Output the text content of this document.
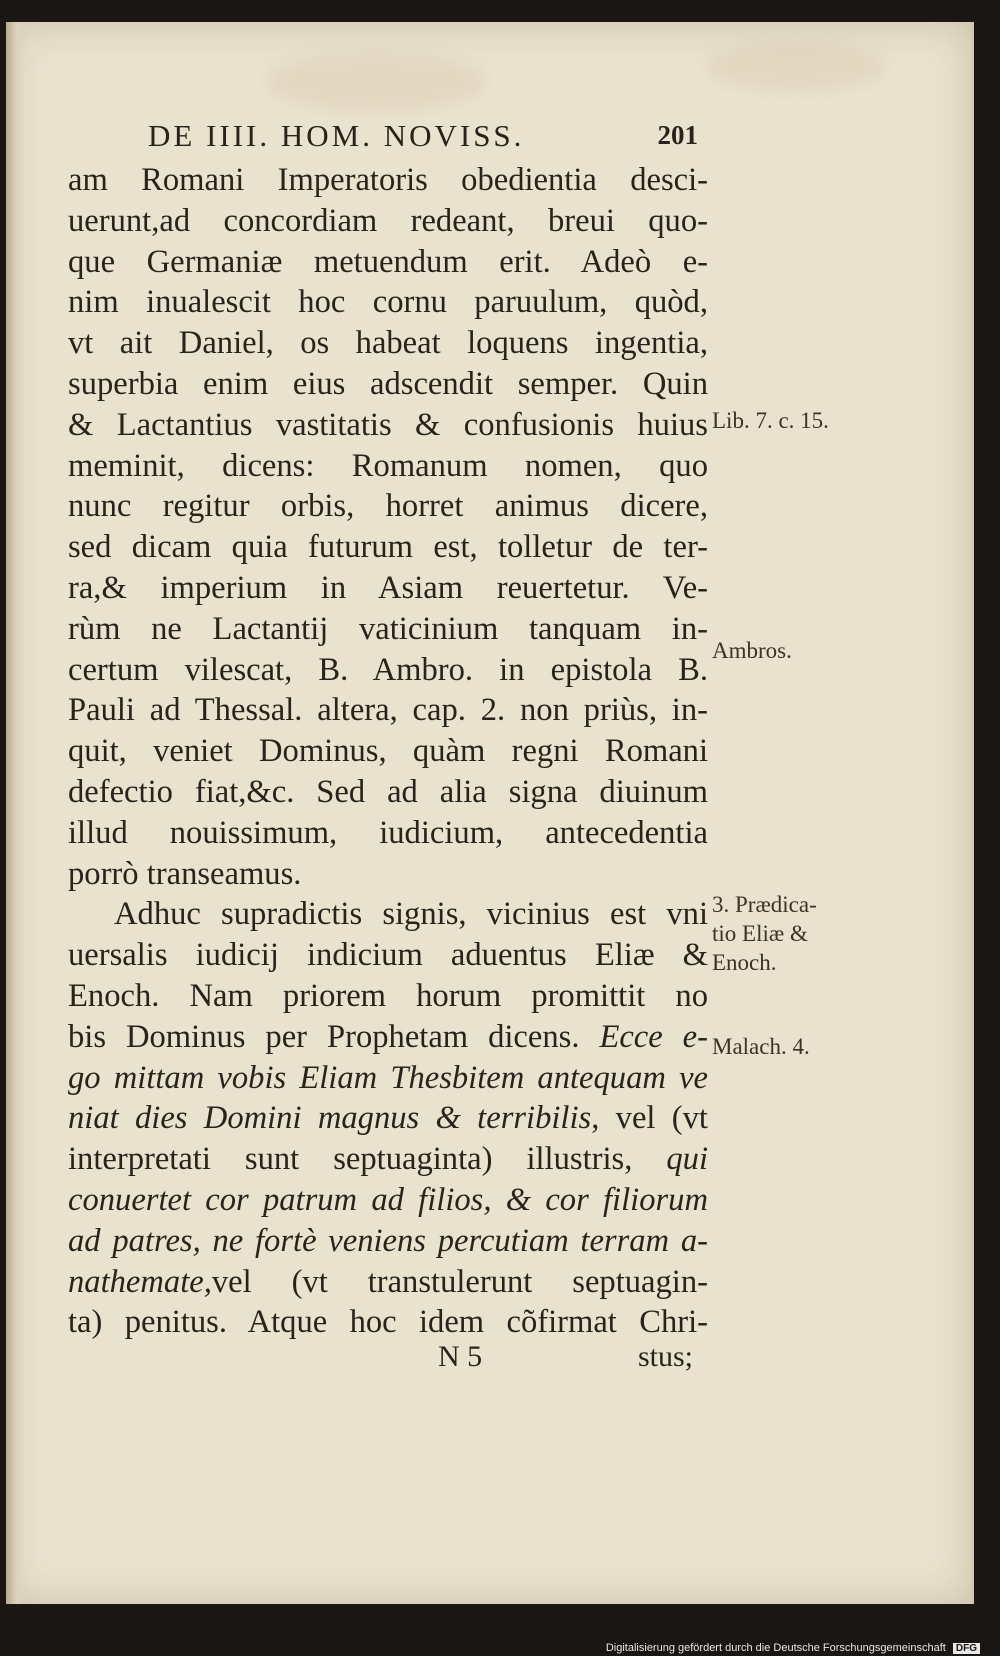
DE IIII. HOM. NOVISS.	201
am Romani Imperatoris obedientia desci-
uerunt,ad concordiam redeant, breui quo-
que Germaniæ metuendum erit. Adeò e-
nim inualescit hoc cornu paruulum, quòd,
vt ait Daniel, os habeat loquens ingentia,
superbia enim eius adscendit semper. Quin
& Lactantius vastitatis & confusionis huius
meminit, dicens: Romanum nomen, quo
nunc regitur orbis, horret animus dicere,
sed dicam quia futurum est, tolletur de ter-
ra,& imperium in Asiam reuertetur. Ve-
rùm ne Lactantij vaticinium tanquam in-
certum vilescat, B. Ambro. in epistola B.
Pauli ad Thessal. altera, cap. 2. non priùs, in-
quit, veniet Dominus, quàm regni Romani
defectio fiat,&c. Sed ad alia signa diuinum
illud nouissimum, iudicium, antecedentia
porrò transeamus.
Adhuc supradictis signis, vicinius est vni
uersalis iudicij indicium aduentus Eliæ &
Enoch. Nam priorem horum promittit no
bis Dominus per Prophetam dicens. Ecce e-
go mittam vobis Eliam Thesbitem antequam ve
niat dies Domini magnus & terribilis, vel (vt
interpretati sunt septuaginta) illustris, qui
conuertet cor patrum ad filios, & cor filiorum
ad patres, ne fortè veniens percutiam terram a-
nathemate,vel (vt transtulerunt septuagin-
ta) penitus. Atque hoc idem cõfirmat Chri-
Lib. 7. c. 15.
Ambros.
3. Prædica-
tio Eliæ &
Enoch.
Malach. 4.
N 5	stus;
Digitalisierung gefördert durch die Deutsche Forschungsgemeinschaft DFG
